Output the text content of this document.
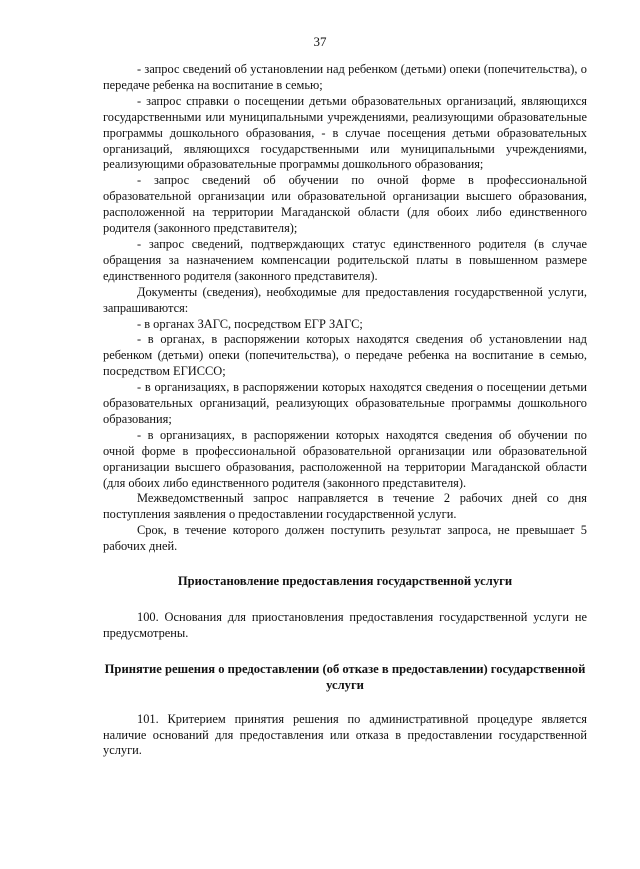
37

- запрос сведений об установлении над ребенком (детьми) опеки (попечительства), о передаче ребенка на воспитание в семью;

- запрос справки о посещении детьми образовательных организаций, являющихся государственными или муниципальными учреждениями, реализующими образовательные программы дошкольного образования, - в случае посещения детьми образовательных организаций, являющихся государственными или муниципальными учреждениями, реализующими образовательные программы дошкольного образования;

- запрос сведений об обучении по очной форме в профессиональной образовательной организации или образовательной организации высшего образования, расположенной на территории Магаданской области (для обоих либо единственного родителя (законного представителя);

- запрос сведений, подтверждающих статус единственного родителя (в случае обращения за назначением компенсации родительской платы в повышенном размере единственного родителя (законного представителя).

Документы (сведения), необходимые для предоставления государственной услуги, запрашиваются:

- в органах ЗАГС, посредством ЕГР ЗАГС;

- в органах, в распоряжении которых находятся сведения об установлении над ребенком (детьми) опеки (попечительства), о передаче ребенка на воспитание в семью, посредством ЕГИССО;

- в организациях, в распоряжении которых находятся сведения о посещении детьми образовательных организаций, реализующих образовательные программы дошкольного образования;

- в организациях, в распоряжении которых находятся сведения об обучении по очной форме в профессиональной образовательной организации или образовательной организации высшего образования, расположенной на территории Магаданской области (для обоих либо единственного родителя (законного представителя).

Межведомственный запрос направляется в течение 2 рабочих дней со дня поступления заявления о предоставлении государственной услуги.

Срок, в течение которого должен поступить результат запроса, не превышает 5 рабочих дней.

Приостановление предоставления государственной услуги

100. Основания для приостановления предоставления государственной услуги не предусмотрены.

Принятие решения о предоставлении (об отказе в предоставлении) государственной услуги

101. Критерием принятия решения по административной процедуре является наличие оснований для предоставления или отказа в предоставлении государственной услуги.
